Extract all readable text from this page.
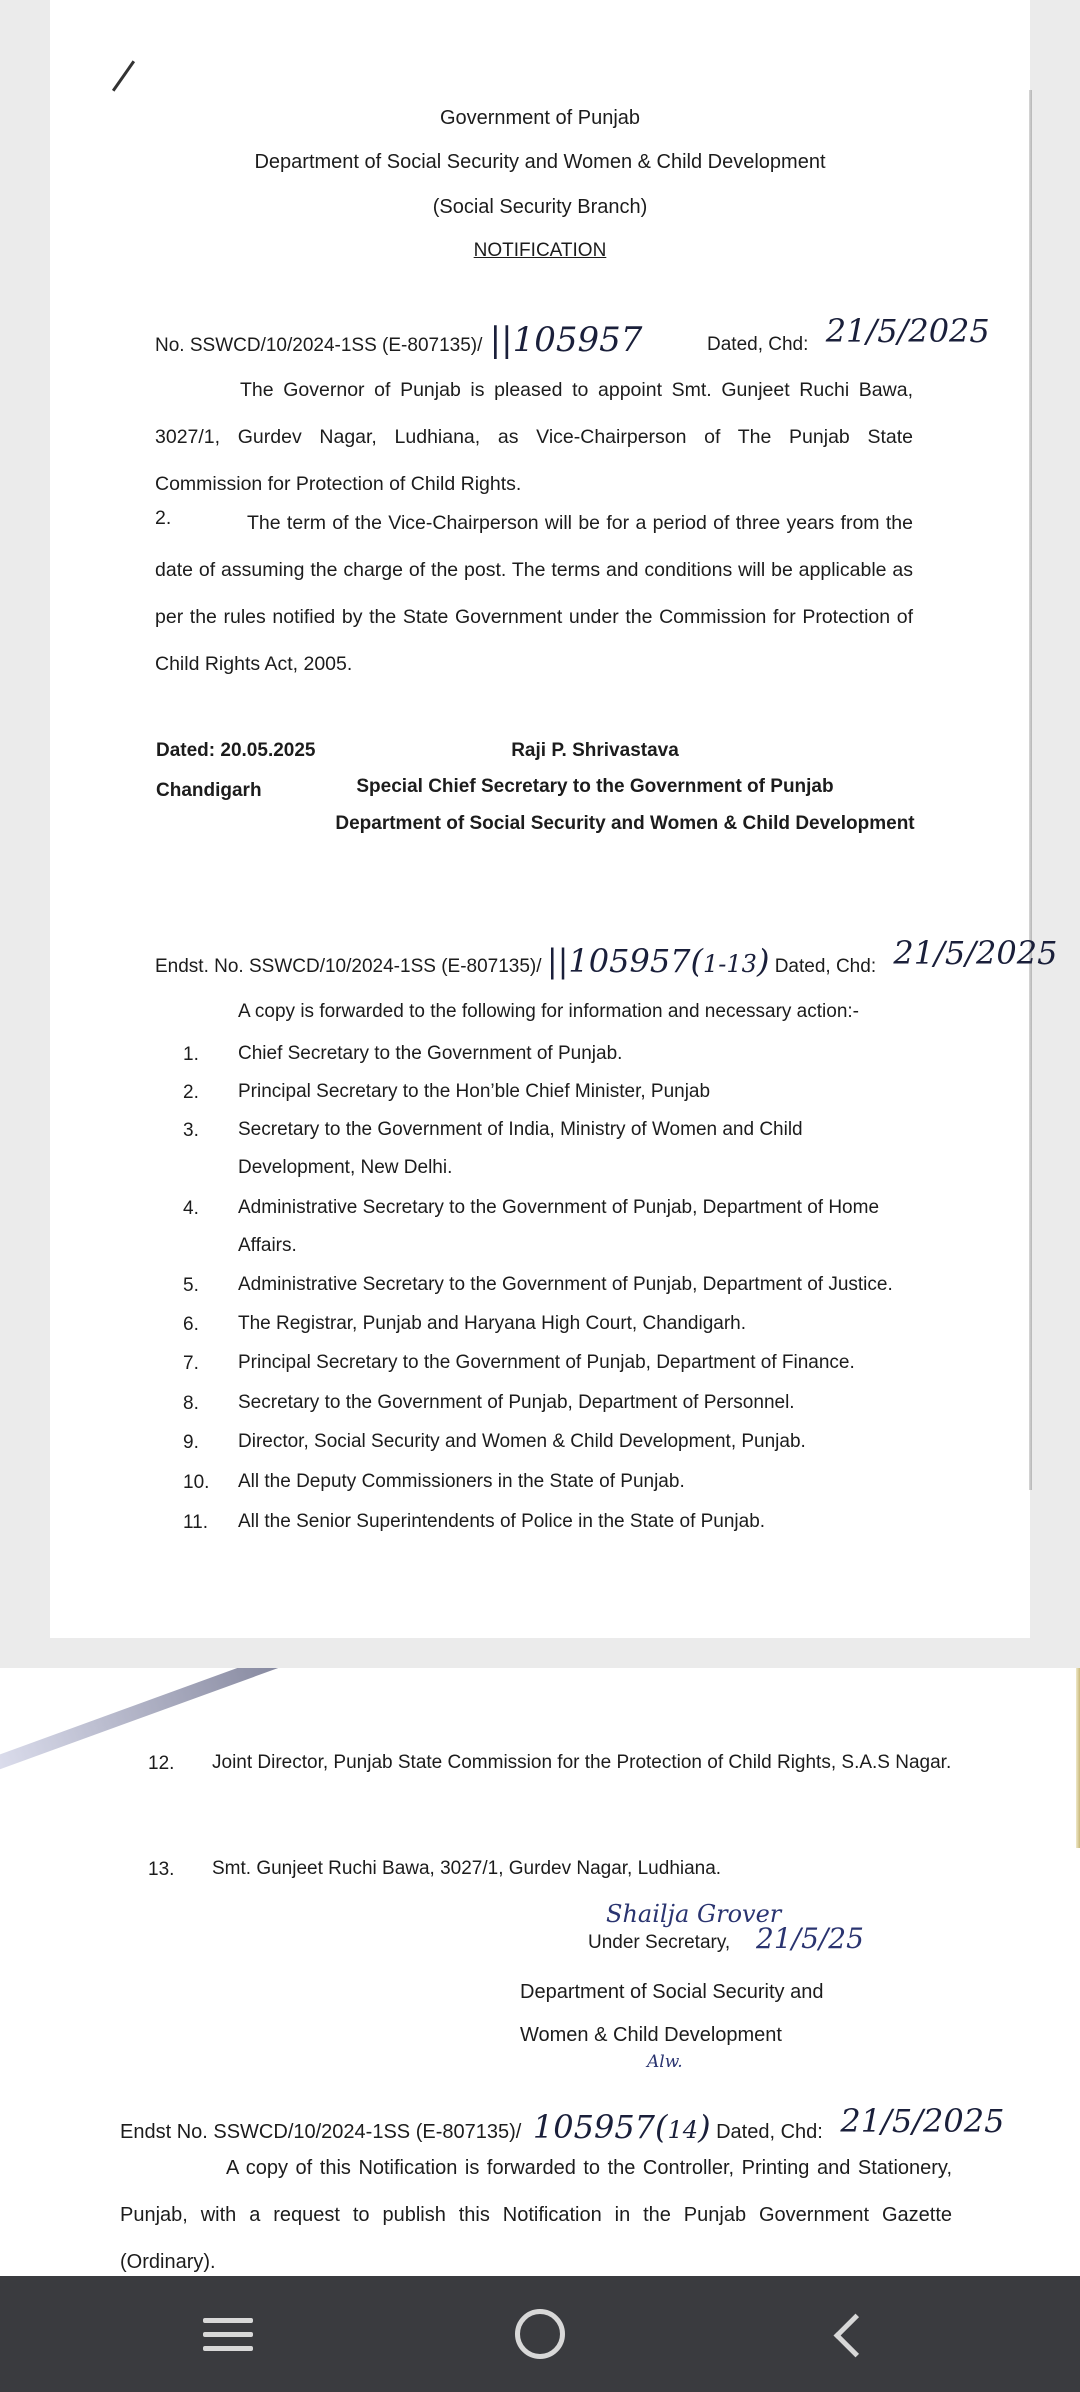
Government of Punjab
Department of Social Security and Women & Child Development
(Social Security Branch)
NOTIFICATION
No. SSWCD/10/2024-1SS (E-807135)/ ||105957	Dated, Chd: 21/5/2025
The Governor of Punjab is pleased to appoint Smt. Gunjeet Ruchi Bawa, 3027/1, Gurdev Nagar, Ludhiana, as Vice-Chairperson of The Punjab State Commission for Protection of Child Rights.
2.	The term of the Vice-Chairperson will be for a period of three years from the date of assuming the charge of the post. The terms and conditions will be applicable as per the rules notified by the State Government under the Commission for Protection of Child Rights Act, 2005.
Dated: 20.05.2025
Chandigarh
Raji P. Shrivastava
Special Chief Secretary to the Government of Punjab
Department of Social Security and Women & Child Development
Endst. No. SSWCD/10/2024-1SS (E-807135)/ ||105957(1-13) Dated, Chd: 21/5/2025
A copy is forwarded to the following for information and necessary action:-
1. Chief Secretary to the Government of Punjab.
2. Principal Secretary to the Hon’ble Chief Minister, Punjab
3. Secretary to the Government of India, Ministry of Women and Child Development, New Delhi.
4. Administrative Secretary to the Government of Punjab, Department of Home Affairs.
5. Administrative Secretary to the Government of Punjab, Department of Justice.
6. The Registrar, Punjab and Haryana High Court, Chandigarh.
7. Principal Secretary to the Government of Punjab, Department of Finance.
8. Secretary to the Government of Punjab, Department of Personnel.
9. Director, Social Security and Women & Child Development, Punjab.
10. All the Deputy Commissioners in the State of Punjab.
11. All the Senior Superintendents of Police in the State of Punjab.
12. Joint Director, Punjab State Commission for the Protection of Child Rights, S.A.S Nagar.
13. Smt. Gunjeet Ruchi Bawa, 3027/1, Gurdev Nagar, Ludhiana.
Shailja Grover
Under Secretary, 21/5/25
Department of Social Security and
Women & Child Development
Alw.
Endst No. SSWCD/10/2024-1SS (E-807135)/ 105957(14) Dated, Chd: 21/5/2025
A copy of this Notification is forwarded to the Controller, Printing and Stationery, Punjab, with a request to publish this Notification in the Punjab Government Gazette (Ordinary).
